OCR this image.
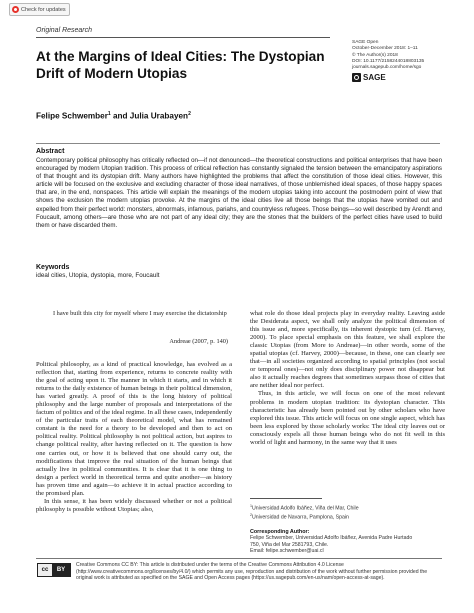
Check for updates
Original Research
At the Margins of Ideal Cities: The Dystopian Drift of Modern Utopias
Felipe Schwember$^1$ and Julia Urabayen$^2$
SAGE Open
October-December 2018: 1–11
© The Author(s) 2018
DOI: 10.1177/2158244018803135
journals.sagepub.com/home/sgo
SAGE
Abstract

Contemporary political philosophy has critically reflected on—if not denounced—the theoretical constructions and political enterprises that have been encouraged by modern Utopian tradition. This process of critical reflection has constantly signaled the tension between the emancipatory aspirations of that thought and its dystopian drift. Many authors have highlighted the problems that affect the constitution of those ideal cities. However, this article will be focused on the exclusive and excluding character of those ideal narratives, of those unblemished ideal spaces, of those happy spaces that are, in the end, nonspaces. This article will explain the meanings of the modern utopias taking into account the postmodern point of view that shows the exclusion the modern utopias provoke. At the margins of the ideal cities live all those beings that the utopias have vomited out and expelled from their perfect world: monsters, abnormals, infamous, pariahs, and countryless refugees. Those beings—so well described by Arendt and Foucault, among others—are those who are not part of any ideal city; they are the stones that the builders of the perfect cities have used to build them or have discarded them.

Keywords
ideal cities, Utopia, dystopia, more, Foucault

I have built this city for myself where I may exercise the dictatorship

Andreae (2007, p. 140)

Political philosophy, as a kind of practical knowledge, has evolved as a reflection that, starting from experience, returns to concrete reality with the goal of acting upon it. The manner in which it starts, and in which it returns to the daily existence of human beings in their political dimension, has varied greatly. A proof of this is the long history of political philosophy and the large number of proposals and interpretations of the factum of politics and of the ideal regime. In all these cases, independently of the particular traits of each theoretical model, what has remained constant is the need for a theory to be developed and then to act on political reality. Political philosophy is not political action, but aspires to change political reality, after having reflected on it. The question is how one carries out, or how it is believed that one should carry out, the modifications that improve the real situation of the human beings that actually live in political communities. It is clear that it is one thing to design a perfect world in theoretical terms and quite another—as history has proven time and again—to achieve it in actual practice according to the promised plan.

In this sense, it has been widely discussed whether or not a political philosophy is possible without Utopias; also,

what role do those ideal projects play in everyday reality. Leaving aside the Desiderata aspect, we shall only analyze the political dimension of this issue and, more specifically, its inherent dystopic turn (cf. Harvey, 2000). To place special emphasis on this feature, we shall explore the classic Utopias (from More to Andreae)—in other words, some of the spatial utopias (cf. Harvey, 2000)—because, in these, one can clearly see that—in all societies organized according to spatial principles (not social or temporal ones)—not only does disciplinary power not disappear but also it actually reaches degrees that sometimes surpass those of cities that are neither ideal nor perfect.

Thus, in this article, we will focus on one of the most relevant problems in modern utopian tradition: its dystopian character. This characteristic has already been pointed out by other scholars who have explored this issue. This article will focus on one single aspect, which has been less explored by those scholarly works: The ideal city leaves out or consciously expels all those human beings who do not fit well in this world of light and harmony, in the same way that it uses

$^1$Universidad Adolfo Ibáñez, Viña del Mar, Chile
$^2$Universidad de Navarra, Pamplona, Spain
Corresponding Author:
Felipe Schwember, Universidad Adolfo Ibáñez, Avenida Padre Hurtado
750, Viña del Mar 2581793, Chile.
Email: felipe.schwember@uai.cl
cc	BY

Creative Commons CC BY: This article is distributed under the terms of the Creative Commons Attribution 4.0 License (http://www.creativecommons.org/licenses/by/4.0/) which permits any use, reproduction and distribution of the work without further permission provided the original work is attributed as specified on the SAGE and Open Access pages (https://us.sagepub.com/en-us/nam/open-access-at-sage).
